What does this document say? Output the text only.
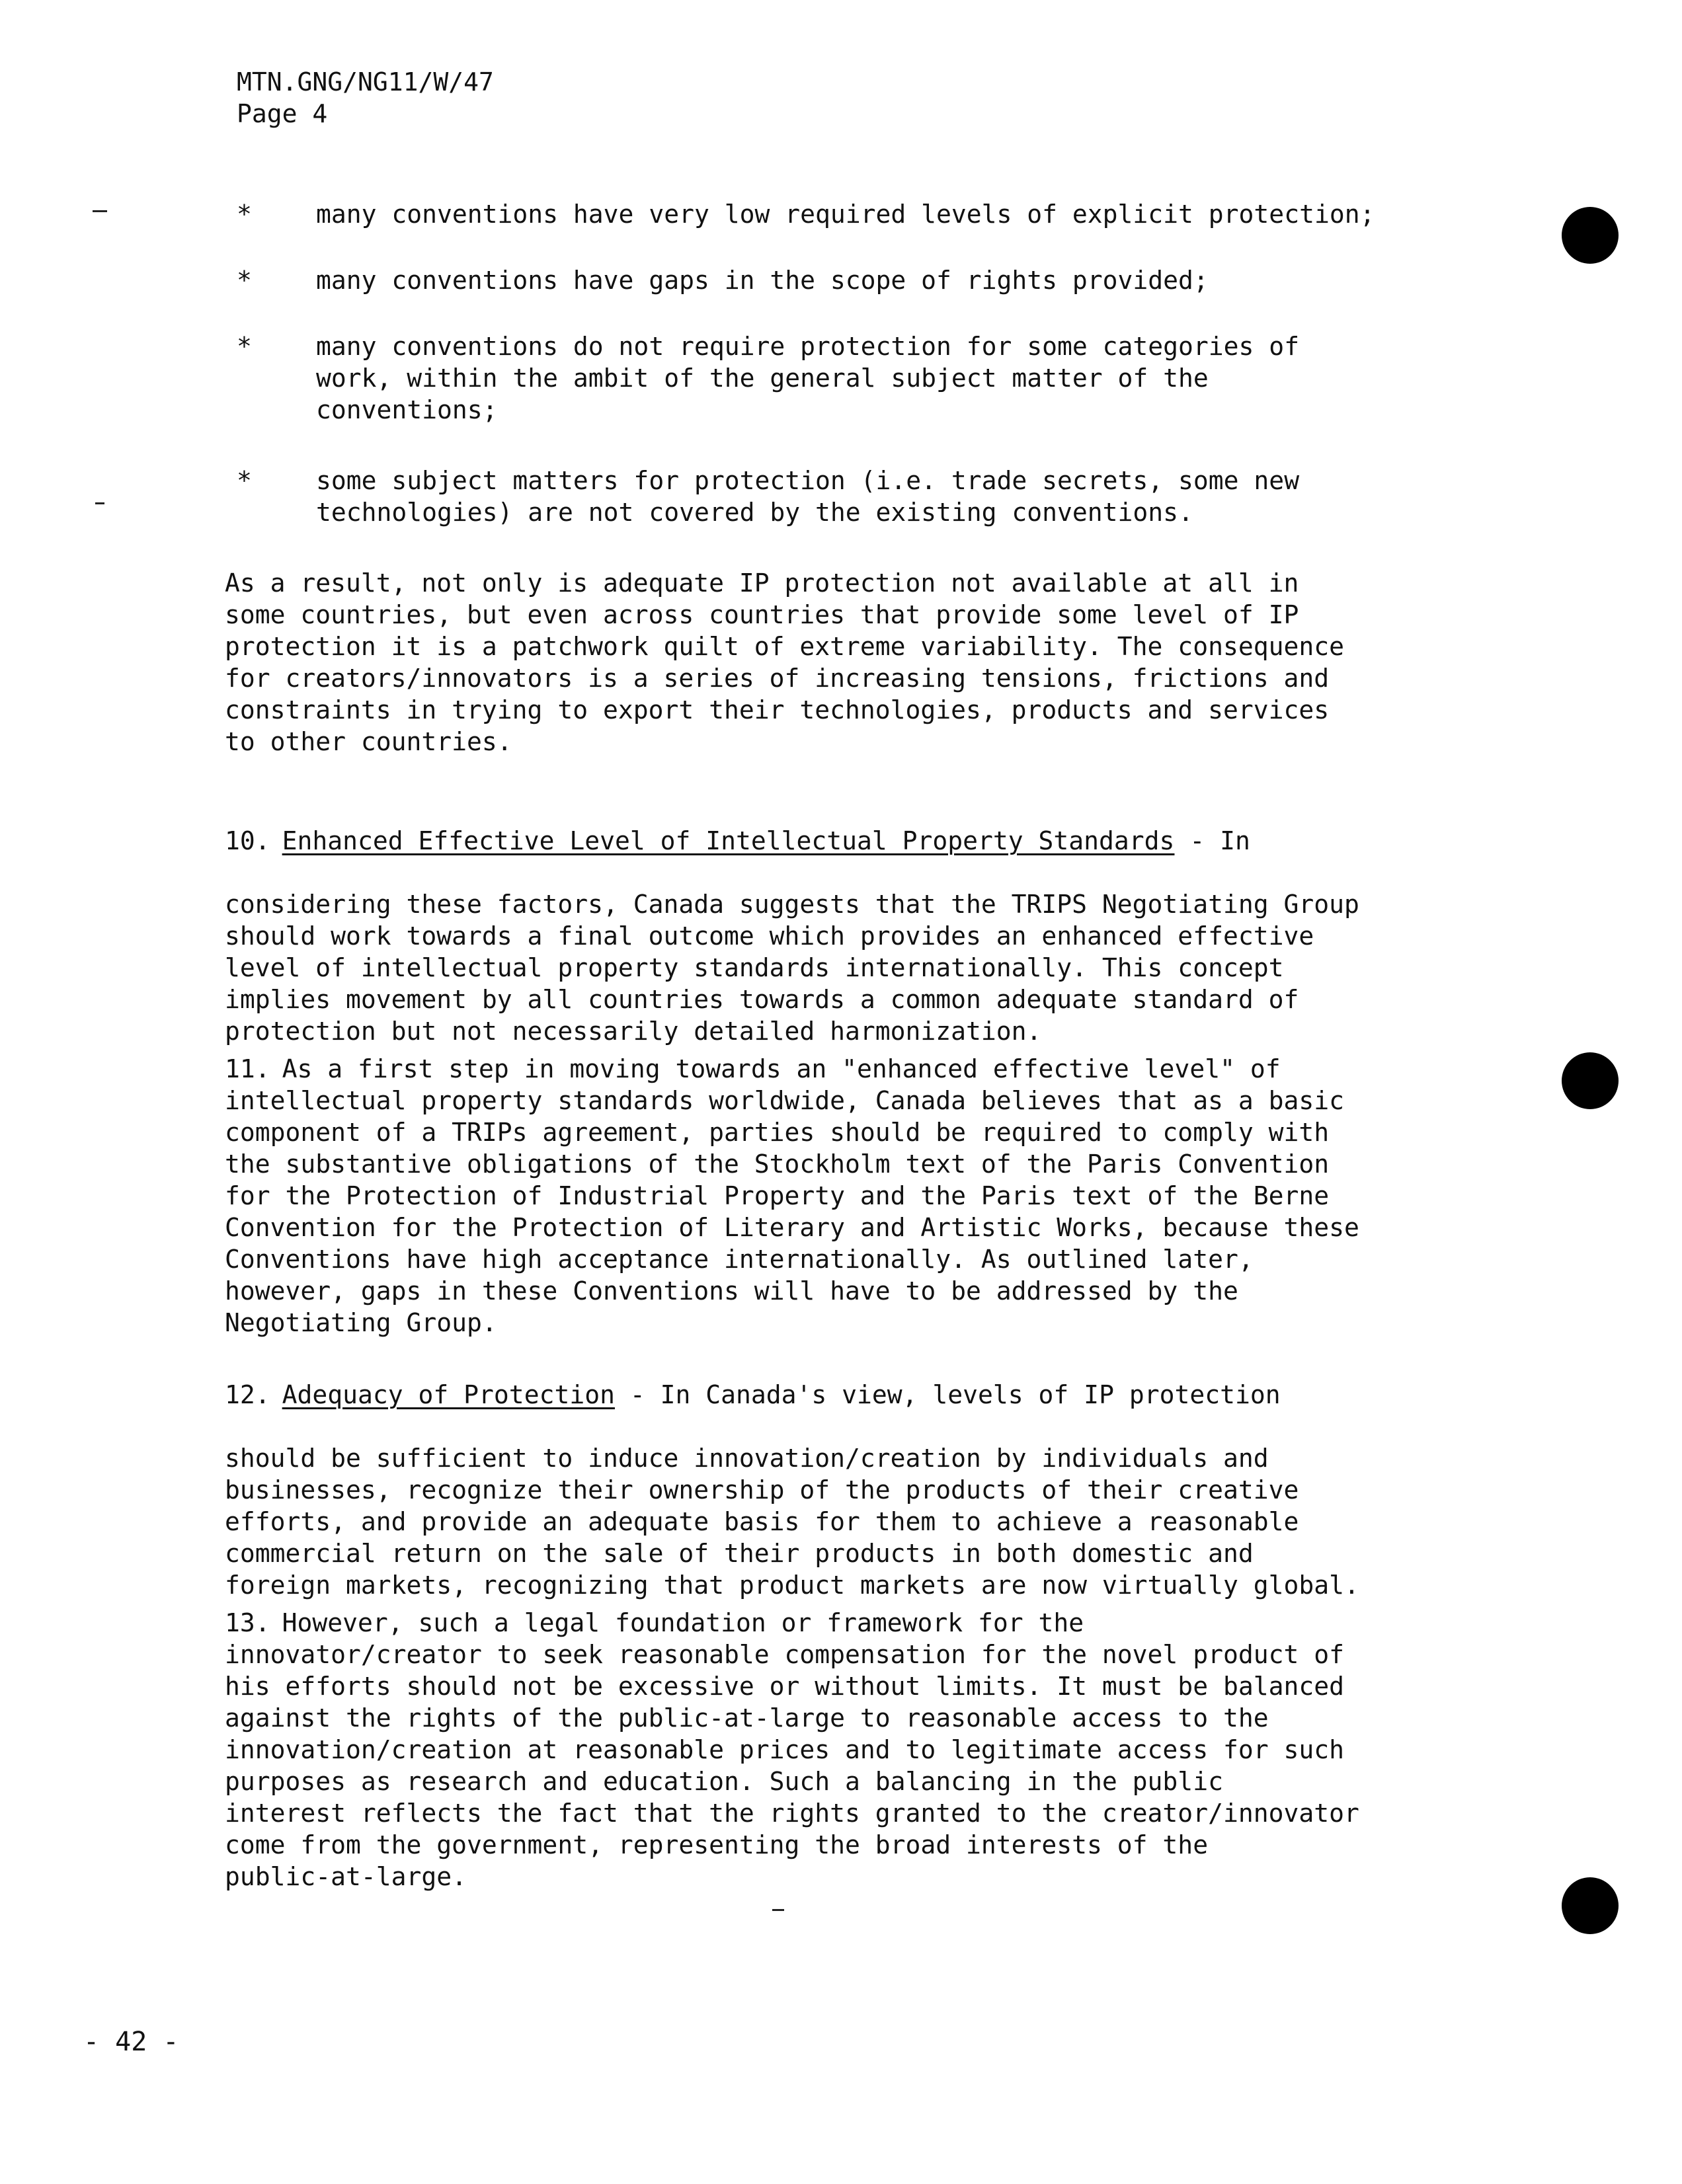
MTN.GNG/NG11/W/47
Page 4
*	many conventions have very low required levels of explicit protection;
*	many conventions have gaps in the scope of rights provided;
*	many conventions do not require protection for some categories of
work, within the ambit of the general subject matter of the
conventions;
*	some subject matters for protection (i.e. trade secrets, some new
technologies) are not covered by the existing conventions.
As a result, not only is adequate IP protection not available at all in
some countries, but even across countries that provide some level of IP
protection it is a patchwork quilt of extreme variability. The consequence
for creators/innovators is a series of increasing tensions, frictions and
constraints in trying to export their technologies, products and services
to other countries.

10. Enhanced Effective Level of Intellectual Property Standards - In

considering these factors, Canada suggests that the TRIPS Negotiating Group
should work towards a final outcome which provides an enhanced effective
level of intellectual property standards internationally. This concept
implies movement by all countries towards a common adequate standard of
protection but not necessarily detailed harmonization.

11. As a first step in moving towards an "enhanced effective level" of
intellectual property standards worldwide, Canada believes that as a basic
component of a TRIPs agreement, parties should be required to comply with
the substantive obligations of the Stockholm text of the Paris Convention
for the Protection of Industrial Property and the Paris text of the Berne
Convention for the Protection of Literary and Artistic Works, because these
Conventions have high acceptance internationally. As outlined later,
however, gaps in these Conventions will have to be addressed by the
Negotiating Group.

12. Adequacy of Protection - In Canada's view, levels of IP protection

should be sufficient to induce innovation/creation by individuals and
businesses, recognize their ownership of the products of their creative
efforts, and provide an adequate basis for them to achieve a reasonable
commercial return on the sale of their products in both domestic and
foreign markets, recognizing that product markets are now virtually global.

13. However, such a legal foundation or framework for the
innovator/creator to seek reasonable compensation for the novel product of
his efforts should not be excessive or without limits. It must be balanced
against the rights of the public-at-large to reasonable access to the
innovation/creation at reasonable prices and to legitimate access for such
purposes as research and education. Such a balancing in the public
interest reflects the fact that the rights granted to the creator/innovator
come from the government, representing the broad interests of the
public-at-large.

- 42 -
